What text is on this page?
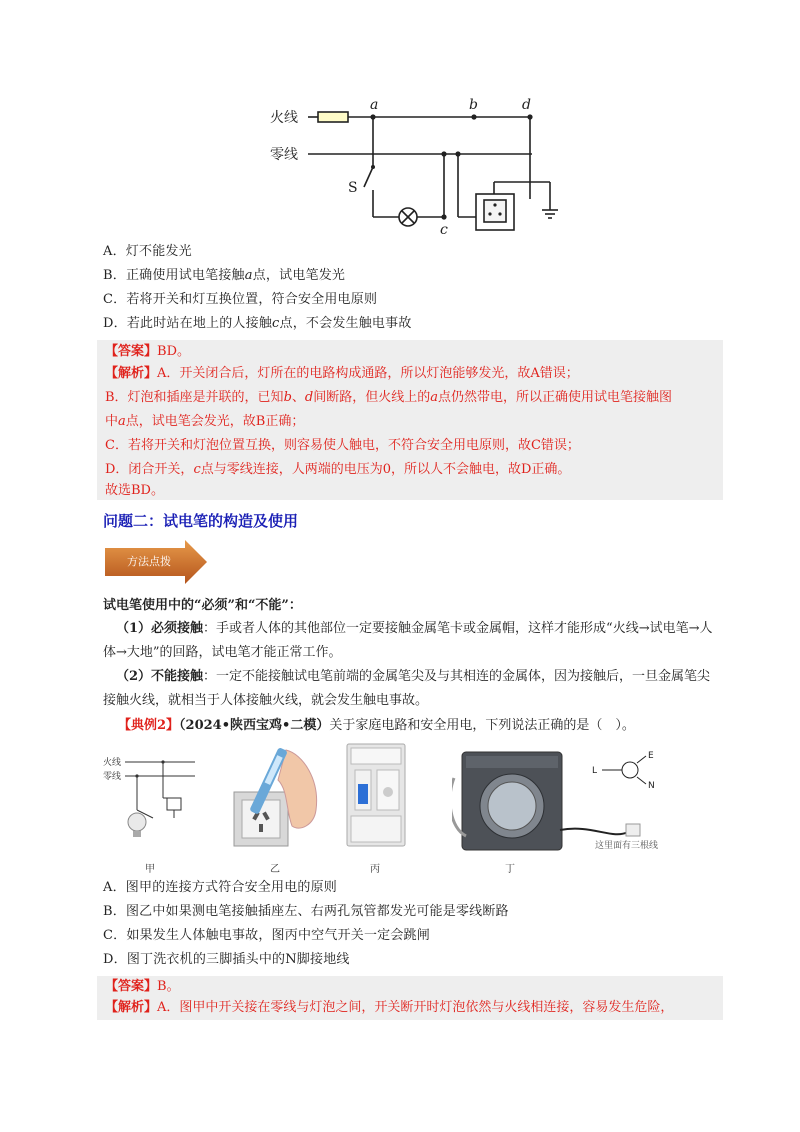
火线
零线
S
a	b	d
c
A．灯不能发光
B．正确使用试电笔接触a点，试电笔发光
C．若将开关和灯互换位置，符合安全用电原则
D．若此时站在地上的人接触c点，不会发生触电事故
【答案】BD。
【解析】A．开关闭合后，灯所在的电路构成通路，所以灯泡能够发光，故A错误；
B．灯泡和插座是并联的，已知b、d间断路，但火线上的a点仍然带电，所以正确使用试电笔接触图
中a点，试电笔会发光，故B正确；
C．若将开关和灯泡位置互换，则容易使人触电，不符合安全用电原则，故C错误；
D．闭合开关，c点与零线连接，人两端的电压为0，所以人不会触电，故D正确。
故选BD。
问题二：试电笔的构造及使用
方法点拨
试电笔使用中的“必须”和“不能”：

（1）必须接触：手或者人体的其他部位一定要接触金属笔卡或金属帽，这样才能形成“火线→试电笔→人体→大地”的回路，试电笔才能正常工作。

（2）不能接触：一定不能接触试电笔前端的金属笔尖及与其相连的金属体，因为接触后，一旦金属笔尖接触火线，就相当于人体接触火线，就会发生触电事故。

【典例2】（2024•陕西宝鸡•二模）关于家庭电路和安全用电，下列说法正确的是（　）。
火线
零线
甲	乙	丙
L
E
N
这里面有三根线
丁
A．图甲的连接方式符合安全用电的原则
B．图乙中如果测电笔接触插座左、右两孔氖管都发光可能是零线断路
C．如果发生人体触电事故，图丙中空气开关一定会跳闸
D．图丁洗衣机的三脚插头中的N脚接地线
【答案】B。
【解析】A．图甲中开关接在零线与灯泡之间，开关断开时灯泡依然与火线相连接，容易发生危险，
